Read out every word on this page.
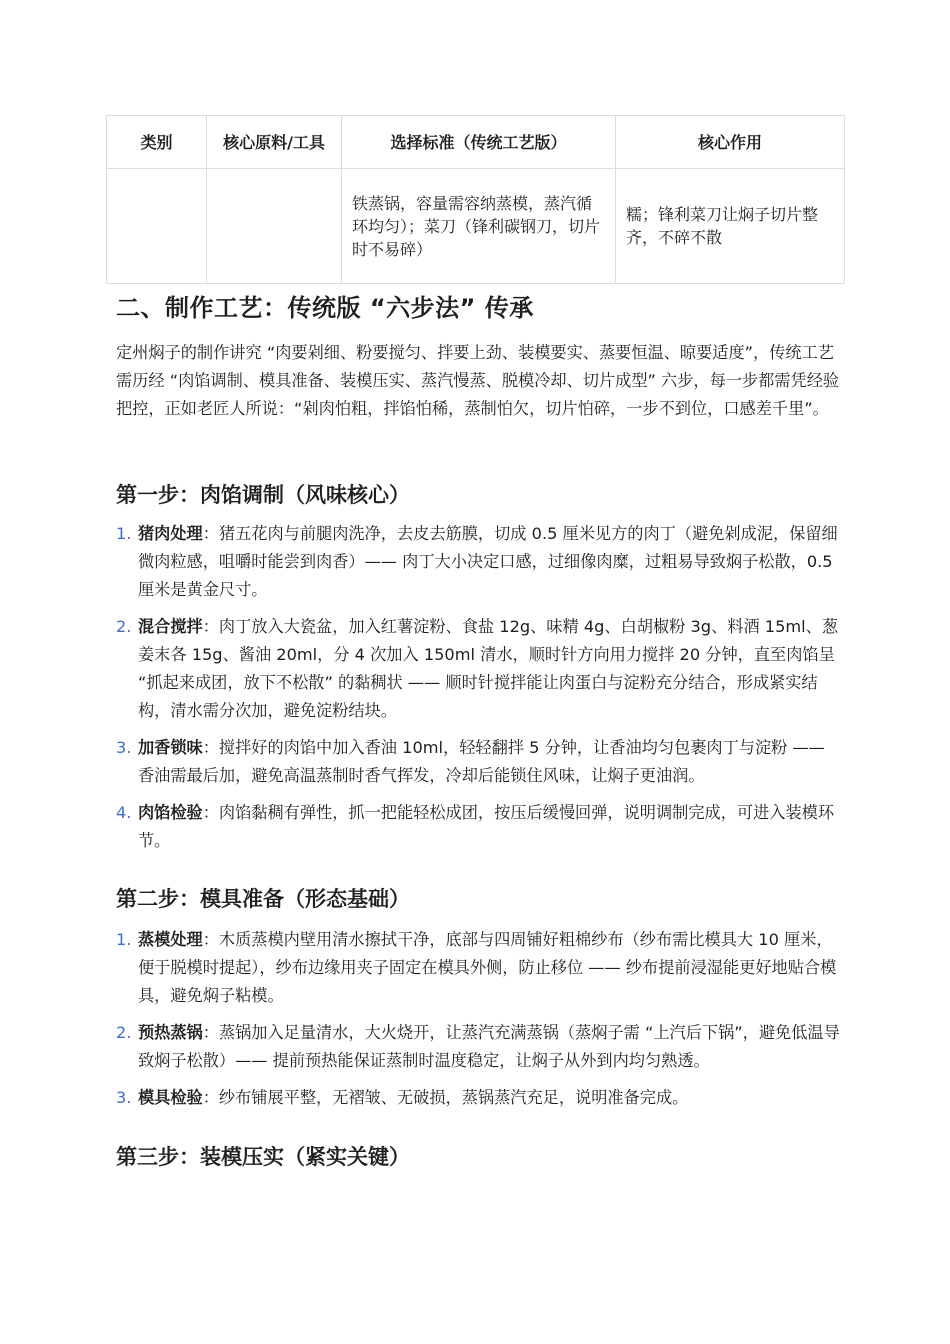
类别	核心原料/工具	选择标准（传统工艺版）	核心作用
		铁蒸锅，容量需容纳蒸模，蒸汽循环均匀）；菜刀（锋利碳钢刀，切片时不易碎）	糯；锋利菜刀让焖子切片整齐，不碎不散
二、制作工艺：传统版 “六步法” 传承

定州焖子的制作讲究 “肉要剁细、粉要搅匀、拌要上劲、装模要实、蒸要恒温、晾要适度”，传统工艺需历经 “肉馅调制、模具准备、装模压实、蒸汽慢蒸、脱模冷却、切片成型” 六步，每一步都需凭经验把控，正如老匠人所说：“剁肉怕粗，拌馅怕稀，蒸制怕欠，切片怕碎，一步不到位，口感差千里”。

第一步：肉馅调制（风味核心）
1. 猪肉处理：猪五花肉与前腿肉洗净，去皮去筋膜，切成 0.5 厘米见方的肉丁（避免剁成泥，保留细微肉粒感，咀嚼时能尝到肉香）—— 肉丁大小决定口感，过细像肉糜，过粗易导致焖子松散，0.5 厘米是黄金尺寸。
2. 混合搅拌：肉丁放入大瓷盆，加入红薯淀粉、食盐 12g、味精 4g、白胡椒粉 3g、料酒 15ml、葱姜末各 15g、酱油 20ml，分 4 次加入 150ml 清水，顺时针方向用力搅拌 20 分钟，直至肉馅呈 “抓起来成团，放下不松散” 的黏稠状 —— 顺时针搅拌能让肉蛋白与淀粉充分结合，形成紧实结构，清水需分次加，避免淀粉结块。
3. 加香锁味：搅拌好的肉馅中加入香油 10ml，轻轻翻拌 5 分钟，让香油均匀包裹肉丁与淀粉 —— 香油需最后加，避免高温蒸制时香气挥发，冷却后能锁住风味，让焖子更油润。
4. 肉馅检验：肉馅黏稠有弹性，抓一把能轻松成团，按压后缓慢回弹，说明调制完成，可进入装模环节。
第二步：模具准备（形态基础）
1. 蒸模处理：木质蒸模内壁用清水擦拭干净，底部与四周铺好粗棉纱布（纱布需比模具大 10 厘米，便于脱模时提起），纱布边缘用夹子固定在模具外侧，防止移位 —— 纱布提前浸湿能更好地贴合模具，避免焖子粘模。
2. 预热蒸锅：蒸锅加入足量清水，大火烧开，让蒸汽充满蒸锅（蒸焖子需 “上汽后下锅”，避免低温导致焖子松散）—— 提前预热能保证蒸制时温度稳定，让焖子从外到内均匀熟透。
3. 模具检验：纱布铺展平整，无褶皱、无破损，蒸锅蒸汽充足，说明准备完成。
第三步：装模压实（紧实关键）
